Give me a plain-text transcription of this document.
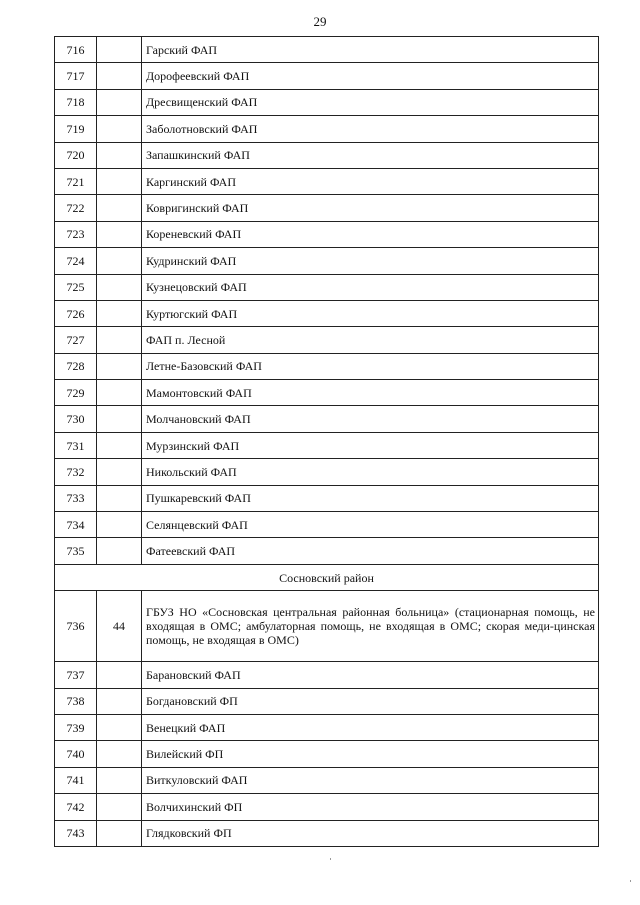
29
716		Гарский ФАП
717		Дорофеевский ФАП
718		Дресвищенский ФАП
719		Заболотновский ФАП
720		Запашкинский ФАП
721		Каргинский ФАП
722		Ковригинский ФАП
723		Кореневский ФАП
724		Кудринский ФАП
725		Кузнецовский ФАП
726		Куртюгский ФАП
727		ФАП п. Лесной
728		Летне-Базовский ФАП
729		Мамонтовский ФАП
730		Молчановский ФАП
731		Мурзинский ФАП
732		Никольский ФАП
733		Пушкаревский ФАП
734		Селянцевский ФАП
735		Фатеевский ФАП
Сосновский район		
736	44	ГБУЗ НО «Сосновская центральная районная больница» (стационарная помощь, не входящая в ОМС; амбулаторная помощь, не входящая в ОМС; скорая меди-цинская помощь, не входящая в ОМС)
737		Барановский ФАП
738		Богдановский ФП
739		Венецкий ФАП
740		Вилейский ФП
741		Виткуловский ФАП
742		Волчихинский ФП
743		Глядковский ФП
